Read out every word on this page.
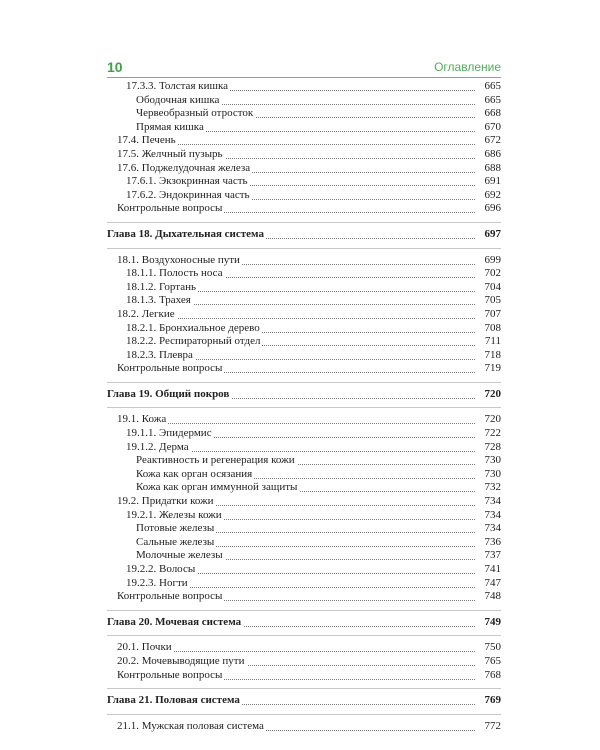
10	Оглавление
17.3.3. Толстая кишка	665
Ободочная кишка	665
Червеобразный отросток	668
Прямая кишка	670
17.4. Печень	672
17.5. Желчный пузырь	686
17.6. Поджелудочная железа	688
17.6.1. Экзокринная часть	691
17.6.2. Эндокринная часть	692
Контрольные вопросы	696
Глава 18. Дыхательная система	697
18.1. Воздухоносные пути	699
18.1.1. Полость носа	702
18.1.2. Гортань	704
18.1.3. Трахея	705
18.2. Легкие	707
18.2.1. Бронхиальное дерево	708
18.2.2. Респираторный отдел	711
18.2.3. Плевра	718
Контрольные вопросы	719
Глава 19. Общий покров	720
19.1. Кожа	720
19.1.1. Эпидермис	722
19.1.2. Дерма	728
Реактивность и регенерация кожи	730
Кожа как орган осязания	730
Кожа как орган иммунной защиты	732
19.2. Придатки кожи	734
19.2.1. Железы кожи	734
Потовые железы	734
Сальные железы	736
Молочные железы	737
19.2.2. Волосы	741
19.2.3. Ногти	747
Контрольные вопросы	748
Глава 20. Мочевая система	749
20.1. Почки	750
20.2. Мочевыводящие пути	765
Контрольные вопросы	768
Глава 21. Половая система	769
21.1. Мужская половая система	772
